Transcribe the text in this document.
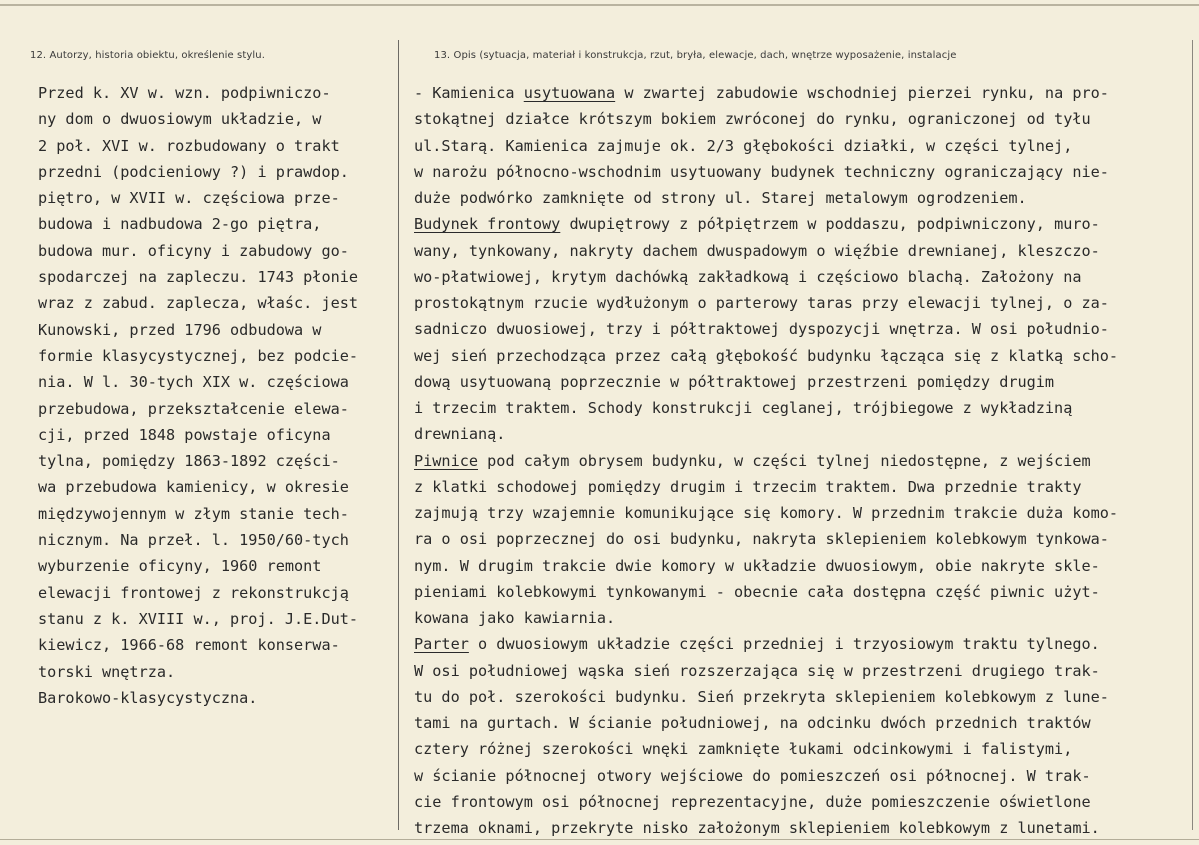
12. Autorzy, historia obiektu, określenie stylu.	13. Opis (sytuacja, materiał i konstrukcja, rzut, bryła, elewacje, dach, wnętrze wyposażenie, instalacje
Przed k. XV w. wzn. podpiwniczo-
ny dom o dwuosiowym układzie, w
2 poł. XVI w. rozbudowany o trakt
przedni (podcieniowy ?) i prawdop.
piętro, w XVII w. częściowa prze-
budowa i nadbudowa 2-go piętra,
budowa mur. oficyny i zabudowy go-
spodarczej na zapleczu. 1743 płonie
wraz z zabud. zaplecza, właśc. jest
Kunowski, przed 1796 odbudowa w
formie klasycystycznej, bez podcie-
nia. W l. 30-tych XIX w. częściowa
przebudowa, przekształcenie elewa-
cji, przed 1848 powstaje oficyna
tylna, pomiędzy 1863-1892 części-
wa przebudowa kamienicy, w okresie
międzywojennym w złym stanie tech-
nicznym. Na przeł. l. 1950/60-tych
wyburzenie oficyny, 1960 remont
elewacji frontowej z rekonstrukcją
stanu z k. XVIII w., proj. J.E.Dut-
kiewicz, 1966-68 remont konserwa-
torski wnętrza.
Barokowo-klasycystyczna.
- Kamienica usytuowana w zwartej zabudowie wschodniej pierzei rynku, na pro-
stokątnej działce krótszym bokiem zwróconej do rynku, ograniczonej od tyłu
ul.Starą. Kamienica zajmuje ok. 2/3 głębokości działki, w części tylnej,
w narożu północno-wschodnim usytuowany budynek techniczny ograniczający nie-
duże podwórko zamknięte od strony ul. Starej metalowym ogrodzeniem.
Budynek frontowy dwupiętrowy z półpiętrzem w poddaszu, podpiwniczony, muro-
wany, tynkowany, nakryty dachem dwuspadowym o więźbie drewnianej, kleszczo-
wo-płatwiowej, krytym dachówką zakładkową i częściowo blachą. Założony na
prostokątnym rzucie wydłużonym o parterowy taras przy elewacji tylnej, o za-
sadniczo dwuosiowej, trzy i półtraktowej dyspozycji wnętrza. W osi południo-
wej sień przechodząca przez całą głębokość budynku łącząca się z klatką scho-
dową usytuowaną poprzecznie w półtraktowej przestrzeni pomiędzy drugim
i trzecim traktem. Schody konstrukcji ceglanej, trójbiegowe z wykładziną
drewnianą.
Piwnice pod całym obrysem budynku, w części tylnej niedostępne, z wejściem
z klatki schodowej pomiędzy drugim i trzecim traktem. Dwa przednie trakty
zajmują trzy wzajemnie komunikujące się komory. W przednim trakcie duża komo-
ra o osi poprzecznej do osi budynku, nakryta sklepieniem kolebkowym tynkowa-
nym. W drugim trakcie dwie komory w układzie dwuosiowym, obie nakryte skle-
pieniami kolebkowymi tynkowanymi - obecnie cała dostępna część piwnic użyt-
kowana jako kawiarnia.
Parter o dwuosiowym układzie części przedniej i trzyosiowym traktu tylnego.
W osi południowej wąska sień rozszerzająca się w przestrzeni drugiego trak-
tu do poł. szerokości budynku. Sień przekryta sklepieniem kolebkowym z lune-
tami na gurtach. W ścianie południowej, na odcinku dwóch przednich traktów
cztery różnej szerokości wnęki zamknięte łukami odcinkowymi i falistymi,
w ścianie północnej otwory wejściowe do pomieszczeń osi północnej. W trak-
cie frontowym osi północnej reprezentacyjne, duże pomieszczenie oświetlone
trzema oknami, przekryte nisko założonym sklepieniem kolebkowym z lunetami.
